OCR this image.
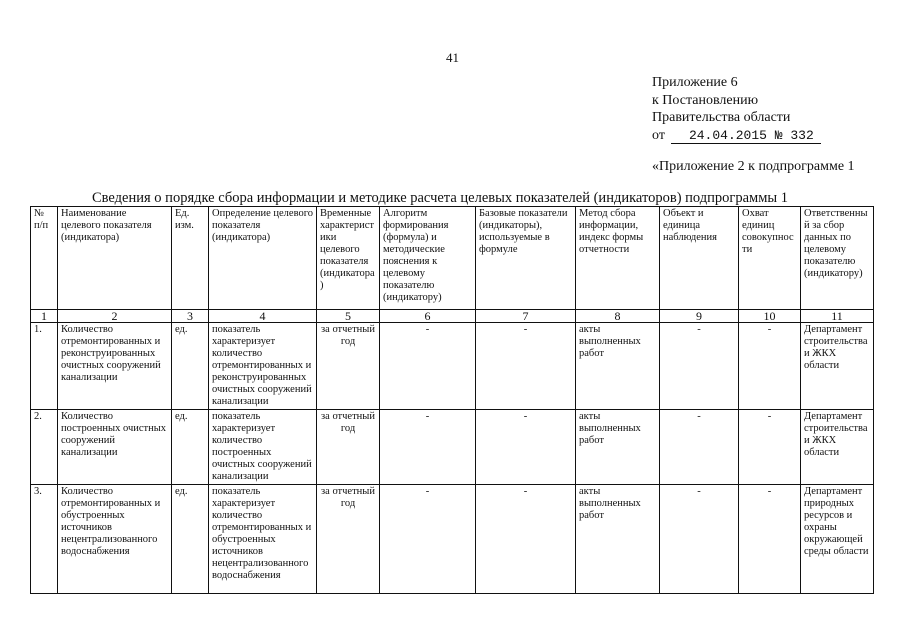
41
Приложение 6
к Постановлению
Правительства области
от	24.04.2015 № 332
«Приложение 2 к подпрограмме 1
Сведения о порядке сбора информации и методике расчета целевых показателей (индикаторов) подпрограммы 1
№ п/п	Наименование целевого показателя (индикатора)	Ед. изм.	Определение целевого показателя (индикатора)	Временные характеристики целевого показателя (индикатора)	Алгоритм формирования (формула) и методические пояснения к целевому показателю (индикатору)	Базовые показатели (индикаторы), используемые в формуле	Метод сбора информации, индекс формы отчетности	Объект и единица наблюдения	Охват единиц совокупности	Ответственный за сбор данных по целевому показателю (индикатору)
1	2	3	4	5	6	7	8	9	10	11
1.	Количество отремонтированных и реконструированных очистных сооружений канализации	ед.	показатель характеризует количество отремонтированных и реконструированных очистных сооружений канализации	за отчетный год	-	-	акты выполненных работ	-	-	Департамент строительства и ЖКХ области
2.	Количество построенных очистных сооружений канализации	ед.	показатель характеризует количество построенных очистных сооружений канализации	за отчетный год	-	-	акты выполненных работ	-	-	Департамент строительства и ЖКХ области
3.	Количество отремонтированных и обустроенных источников нецентрализованного водоснабжения	ед.	показатель характеризует количество отремонтированных и обустроенных источников нецентрализованного водоснабжения	за отчетный год	-	-	акты выполненных работ	-	-	Департамент природных ресурсов и охраны окружающей среды области
